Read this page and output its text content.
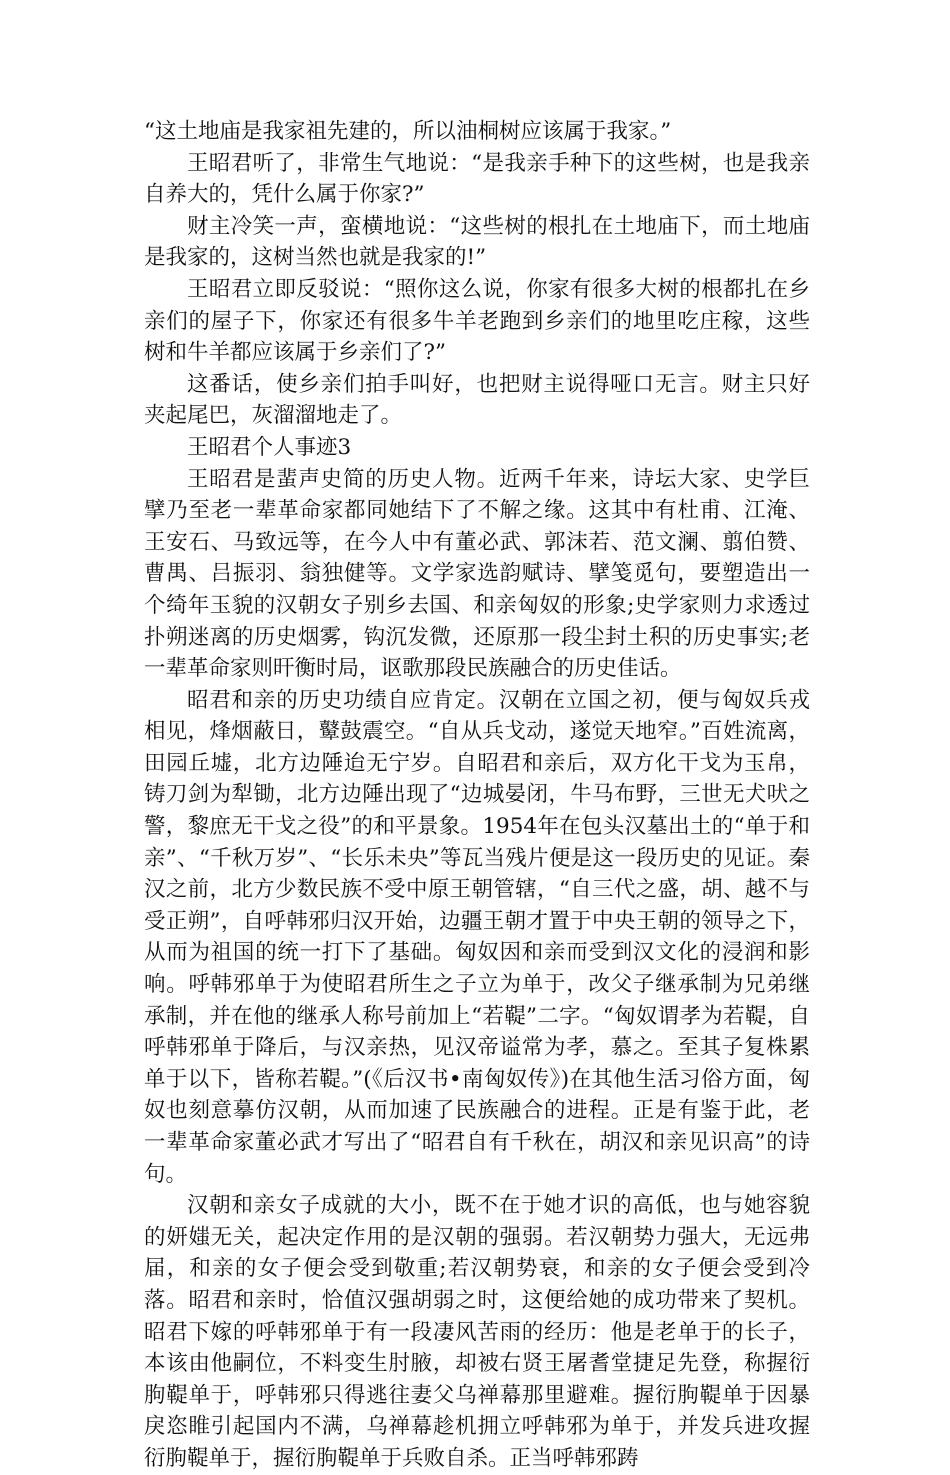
“这土地庙是我家祖先建的，所以油桐树应该属于我家。”

王昭君听了，非常生气地说：“是我亲手种下的这些树，也是我亲自养大的，凭什么属于你家?”

财主冷笑一声，蛮横地说：“这些树的根扎在土地庙下，而土地庙是我家的，这树当然也就是我家的!”

王昭君立即反驳说：“照你这么说，你家有很多大树的根都扎在乡亲们的屋子下，你家还有很多牛羊老跑到乡亲们的地里吃庄稼，这些树和牛羊都应该属于乡亲们了?”

这番话，使乡亲们拍手叫好，也把财主说得哑口无言。财主只好夹起尾巴，灰溜溜地走了。

王昭君个人事迹3

王昭君是蜚声史简的历史人物。近两千年来，诗坛大家、史学巨擘乃至老一辈革命家都同她结下了不解之缘。这其中有杜甫、江淹、王安石、马致远等，在今人中有董必武、郭沫若、范文澜、翦伯赞、曹禺、吕振羽、翁独健等。文学家选韵赋诗、擘笺觅句，要塑造出一个绮年玉貌的汉朝女子别乡去国、和亲匈奴的形象;史学家则力求透过扑朔迷离的历史烟雾，钩沉发微，还原那一段尘封土积的历史事实;老一辈革命家则旰衡时局，讴歌那段民族融合的历史佳话。

昭君和亲的历史功绩自应肯定。汉朝在立国之初，便与匈奴兵戎相见，烽烟蔽日，鼙鼓震空。“自从兵戈动，遂觉天地窄。”百姓流离，田园丘墟，北方边陲迨无宁岁。自昭君和亲后，双方化干戈为玉帛，铸刀剑为犁锄，北方边陲出现了“边城晏闭，牛马布野，三世无犬吠之警，黎庶无干戈之役”的和平景象。1954年在包头汉墓出土的“单于和亲”、“千秋万岁”、“长乐未央”等瓦当残片便是这一段历史的见证。秦汉之前，北方少数民族不受中原王朝管辖，“自三代之盛，胡、越不与受正朔”，自呼韩邪归汉开始，边疆王朝才置于中央王朝的领导之下，从而为祖国的统一打下了基础。匈奴因和亲而受到汉文化的浸润和影响。呼韩邪单于为使昭君所生之子立为单于，改父子继承制为兄弟继承制，并在他的继承人称号前加上“若鞮”二字。“匈奴谓孝为若鞮，自呼韩邪单于降后，与汉亲热，见汉帝谥常为孝，慕之。至其子复株累单于以下，皆称若鞮。”(《后汉书•南匈奴传》)在其他生活习俗方面，匈奴也刻意摹仿汉朝，从而加速了民族融合的进程。正是有鉴于此，老一辈革命家董必武才写出了“昭君自有千秋在，胡汉和亲见识高”的诗句。

汉朝和亲女子成就的大小，既不在于她才识的高低，也与她容貌的妍媸无关，起决定作用的是汉朝的强弱。若汉朝势力强大，无远弗届，和亲的女子便会受到敬重;若汉朝势衰，和亲的女子便会受到冷落。昭君和亲时，恰值汉强胡弱之时，这便给她的成功带来了契机。昭君下嫁的呼韩邪单于有一段凄风苦雨的经历：他是老单于的长子，本该由他嗣位，不料变生肘腋，却被右贤王屠耆堂捷足先登，称握衍朐鞮单于，呼韩邪只得逃往妻父乌禅幕那里避难。握衍朐鞮单于因暴戾恣睢引起国内不满，乌禅幕趁机拥立呼韩邪为单于，并发兵进攻握衍朐鞮单于，握衍朐鞮单于兵败自杀。正当呼韩邪踌
